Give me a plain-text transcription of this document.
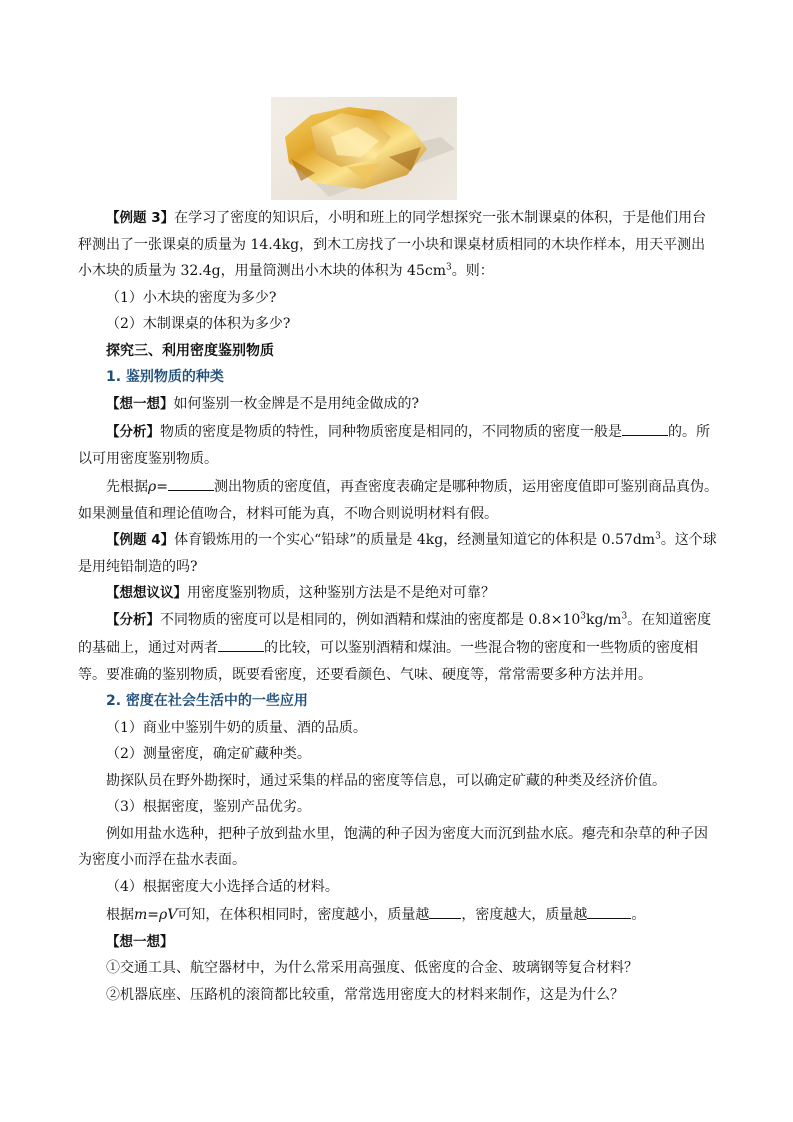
【例题 3】在学习了密度的知识后，小明和班上的同学想探究一张木制课桌的体积，于是他们用台秤测出了一张课桌的质量为 14.4kg，到木工房找了一小块和课桌材质相同的木块作样本，用天平测出小木块的质量为 32.4g，用量筒测出小木块的体积为 $45cm^3$。则：

（1）小木块的密度为多少?

（2）木制课桌的体积为多少?

探究三、利用密度鉴别物质

1. 鉴别物质的种类

【想一想】如何鉴别一枚金牌是不是用纯金做成的?

【分析】物质的密度是物质的特性，同种物质密度是相同的，不同物质的密度一般是	的。所以可用密度鉴别物质。

先根据ρ=	测出物质的密度值，再查密度表确定是哪种物质，运用密度值即可鉴别商品真伪。如果测量值和理论值吻合，材料可能为真，不吻合则说明材料有假。

【例题 4】体育锻炼用的一个实心“铅球”的质量是 4kg，经测量知道它的体积是 $0.57dm^3$。这个球是用纯铅制造的吗?

【想想议议】用密度鉴别物质，这种鉴别方法是不是绝对可靠？

【分析】不同物质的密度可以是相同的，例如酒精和煤油的密度都是 $0.8\times 10^3kg/m^3$。在知道密度的基础上，通过对两者	的比较，可以鉴别酒精和煤油。一些混合物的密度和一些物质的密度相等。要准确的鉴别物质，既要看密度，还要看颜色、气味、硬度等，常常需要多种方法并用。

2. 密度在社会生活中的一些应用

（1）商业中鉴别牛奶的质量、酒的品质。

（2）测量密度，确定矿藏种类。

勘探队员在野外勘探时，通过采集的样品的密度等信息，可以确定矿藏的种类及经济价值。

（3）根据密度，鉴别产品优劣。

例如用盐水选种，把种子放到盐水里，饱满的种子因为密度大而沉到盐水底。瘪壳和杂草的种子因为密度小而浮在盐水表面。

（4）根据密度大小选择合适的材料。

根据m=ρV可知，在体积相同时，密度越小，质量越 ，密度越大，质量越	。

【想一想】

①交通工具、航空器材中，为什么常采用高强度、低密度的合金、玻璃钢等复合材料？

②机器底座、压路机的滚筒都比较重，常常选用密度大的材料来制作，这是为什么？
